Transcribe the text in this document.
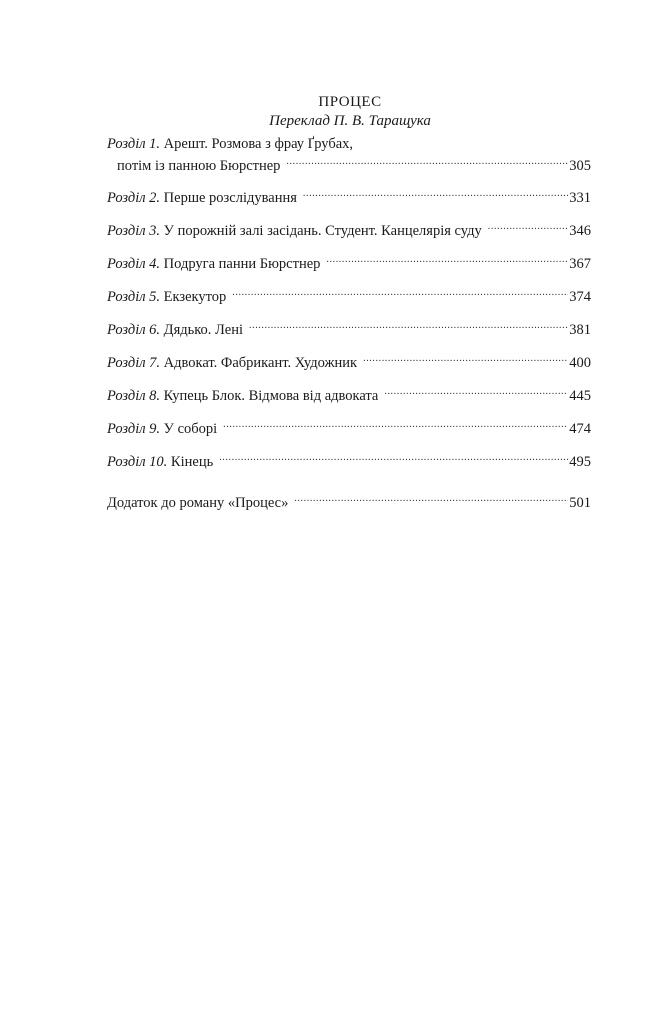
ПРОЦЕС
Переклад П. В. Таращука
Розділ 1. Арешт. Розмова з фрау Ґрубах,
потім із панною Бюрстнер .....	305
Розділ 2. Перше розслідування .....	331
Розділ 3. У порожній залі засідань. Студент. Канцелярія суду .....	346
Розділ 4. Подруга панни Бюрстнер .....	367
Розділ 5. Екзекутор .....	374
Розділ 6. Дядько. Лені .....	381
Розділ 7. Адвокат. Фабрикант. Художник .....	400
Розділ 8. Купець Блок. Відмова від адвоката .....	445
Розділ 9. У соборі .....	474
Розділ 10. Кінець .....	495
Додаток до роману «Процес» .....	501
